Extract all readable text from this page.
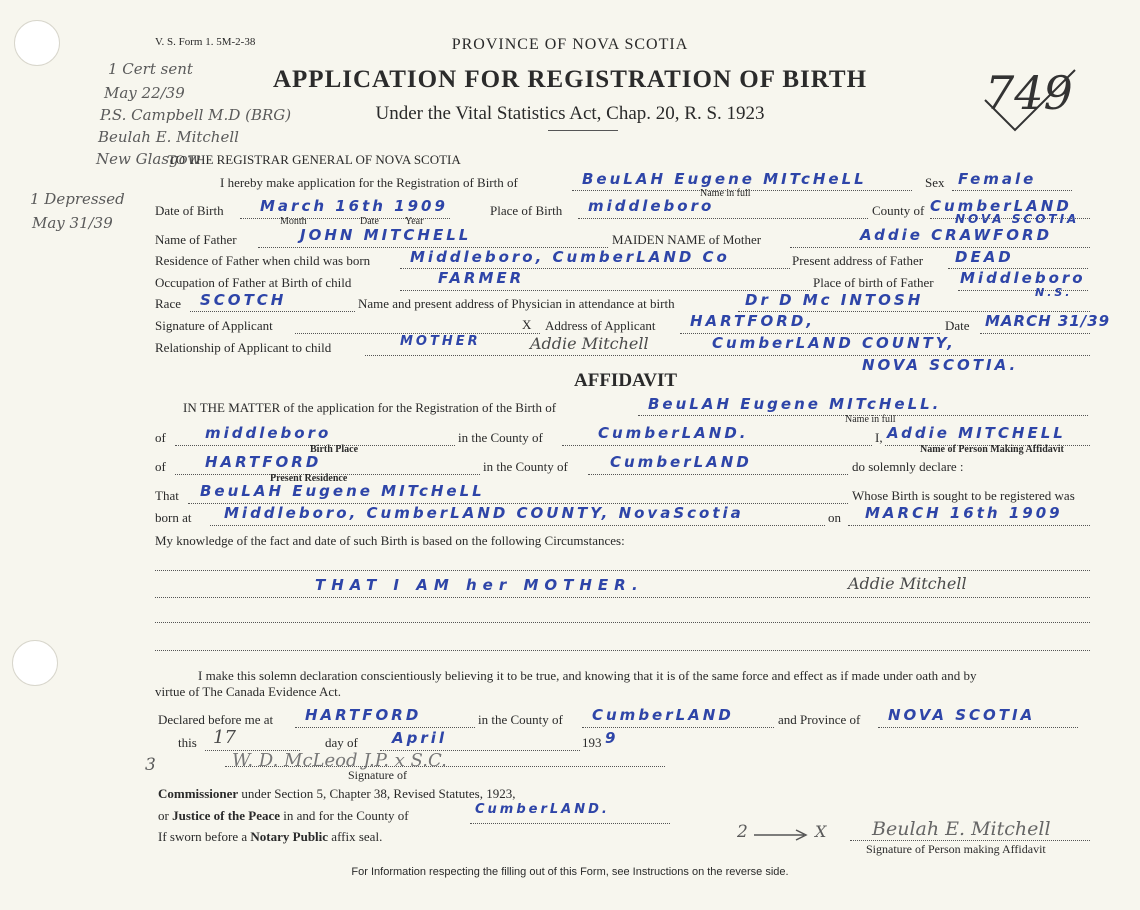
V. S. Form 1. 5M-2-38	PROVINCE OF NOVA SCOTIA
APPLICATION FOR REGISTRATION OF BIRTH
Under the Vital Statistics Act, Chap. 20, R. S. 1923	749
1 Cert sent
May 22/39
P.S. Campbell M.D (BRG)
Beulah E. Mitchell
New Glasgow
1 Depressed
May 31/39
TO THE REGISTRAR GENERAL OF NOVA SCOTIA
I hereby make application for the Registration of Birth of	BeuLAH Eugene MITcHeLL
Name in full
Sex Female
Date of Birth March 16th 1909
Month	Date	Year
Place of Birth middleboro	County of CumberLAND
NOVA SCOTIA
Name of Father	JOHN MITCHELL	MAIDEN NAME of Mother	Addie CRAWFORD
Residence of Father when child was born	Middleboro, CumberLAND Co	Present address of Father DEAD
Occupation of Father at Birth of child	FARMER	Place of birth of Father Middleboro
N.S.
Race SCOTCH	Name and present address of Physician in attendance at birth	Dr D Mc INTOSH
Signature of Applicant	X Address of Applicant HARTFORD,	Date MARCH 31/39
Relationship of Applicant to child	MOTHER	Addie Mitchell	CumberLAND COUNTY,
NOVA SCOTIA.
AFFIDAVIT
IN THE MATTER of the application for the Registration of the Birth of	BeuLAH Eugene MITcHeLL.
Name in full
of	middleboro
Birth Place
in the County of	CumberLAND.	I, Addie MITCHELL
Name of Person Making Affidavit
of	HARTFORD
Present Residence
in the County of	CumberLAND	do solemnly declare :
That BeuLAH Eugene MITcHeLL	Whose Birth is sought to be registered was
born at Middleboro, CumberLAND COUNTY, NovaScotia	on MARCH 16th 1909
My knowledge of the fact and date of such Birth is based on the following Circumstances:
THAT I AM her MOTHER.	Addie Mitchell
I make this solemn declaration conscientiously believing it to be true, and knowing that it is of the same force and effect as if made under oath and by
virtue of The Canada Evidence Act.
Declared before me at HARTFORD	in the County of CumberLAND	and Province of NOVA SCOTIA
this 17	day of April	193 9
3	W. D. McLeod J.P. x S.C.
Signature of
Commissioner under Section 5, Chapter 38, Revised Statutes, 1923,
or Justice of the Peace in and for the County of	CumberLAND.
If sworn before a Notary Public affix seal.	2	X Beulah E. Mitchell
Signature of Person making Affidavit
For Information respecting the filling out of this Form, see Instructions on the reverse side.
